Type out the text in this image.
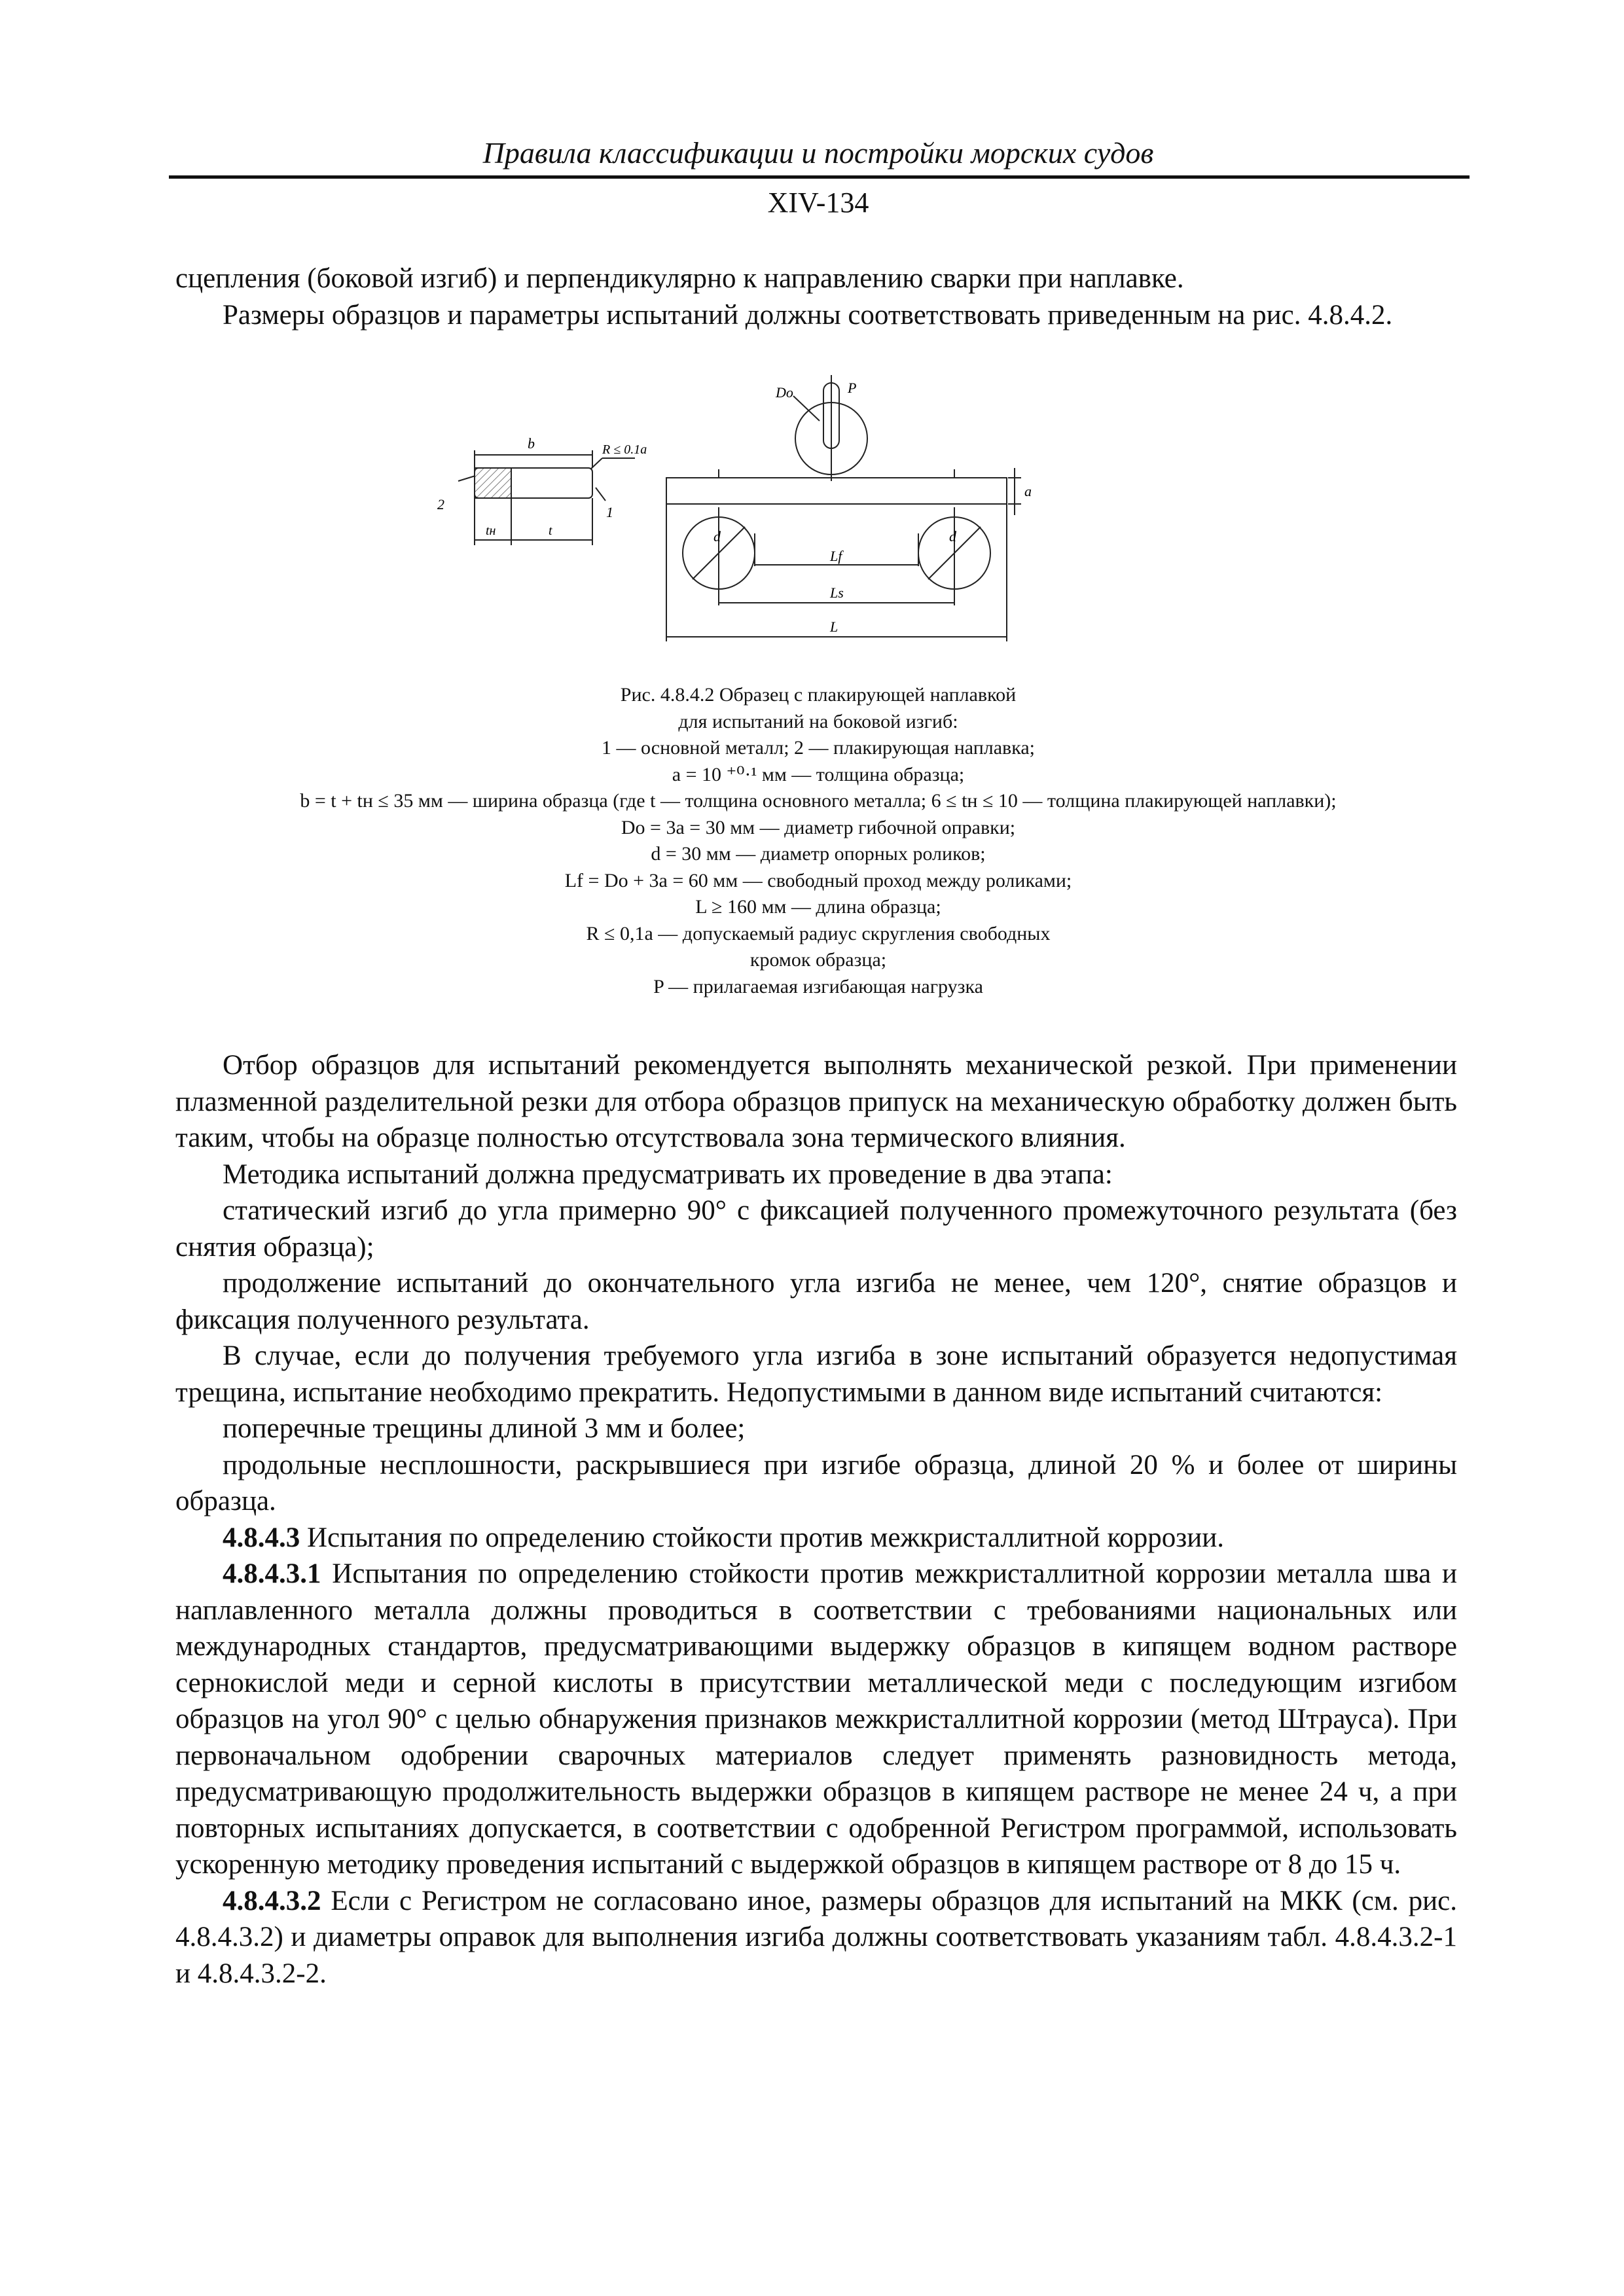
Правила классификации и постройки морских судов
XIV-134

сцепления (боковой изгиб) и перпендикулярно к направлению сварки при наплавке.

Размеры образцов и параметры испытаний должны соответствовать приведенным на рис. 4.8.4.2.

b	R ≤ 0.1a
2	1
tн	t
Dо	P
a
d	d
Lf
Ls
L
Рис. 4.8.4.2 Образец с плакирующей наплавкой
для испытаний на боковой изгиб:
1 — основной металл; 2 — плакирующая наплавка;
a = 10 ⁺⁰·¹ мм — толщина образца;
b = t + tн ≤ 35 мм — ширина образца (где t — толщина основного металла; 6 ≤ tн ≤ 10 — толщина плакирующей наплавки);
Dо = 3a = 30 мм — диаметр гибочной оправки;
d = 30 мм — диаметр опорных роликов;
Lf = Dо + 3a = 60 мм — свободный проход между роликами;
L ≥ 160 мм — длина образца;
R ≤ 0,1a — допускаемый радиус скругления свободных
кромок образца;
P — прилагаемая изгибающая нагрузка

Отбор образцов для испытаний рекомендуется выполнять механической резкой. При применении плазменной разделительной резки для отбора образцов припуск на механическую обработку должен быть таким, чтобы на образце полностью отсутствовала зона термического влияния.

Методика испытаний должна предусматривать их проведение в два этапа:

статический изгиб до угла примерно 90° с фиксацией полученного промежуточного результата (без снятия образца);

продолжение испытаний до окончательного угла изгиба не менее, чем 120°, снятие образцов и фиксация полученного результата.

В случае, если до получения требуемого угла изгиба в зоне испытаний образуется недопустимая трещина, испытание необходимо прекратить. Недопустимыми в данном виде испытаний считаются:

поперечные трещины длиной 3 мм и более;

продольные несплошности, раскрывшиеся при изгибе образца, длиной 20 % и более от ширины образца.

4.8.4.3 Испытания по определению стойкости против межкристаллитной коррозии.

4.8.4.3.1 Испытания по определению стойкости против межкристаллитной коррозии металла шва и наплавленного металла должны проводиться в соответствии с требованиями национальных или международных стандартов, предусматривающими выдержку образцов в кипящем водном растворе сернокислой меди и серной кислоты в присутствии металлической меди с последующим изгибом образцов на угол 90° с целью обнаружения признаков межкристаллитной коррозии (метод Штрауса). При первоначальном одобрении сварочных материалов следует применять разновидность метода, предусматривающую продолжительность выдержки образцов в кипящем растворе не менее 24 ч, а при повторных испытаниях допускается, в соответствии с одобренной Регистром программой, использовать ускоренную методику проведения испытаний с выдержкой образцов в кипящем растворе от 8 до 15 ч.

4.8.4.3.2 Если с Регистром не согласовано иное, размеры образцов для испытаний на МКК (см. рис. 4.8.4.3.2) и диаметры оправок для выполнения изгиба должны соответствовать указаниям табл. 4.8.4.3.2-1 и 4.8.4.3.2-2.
